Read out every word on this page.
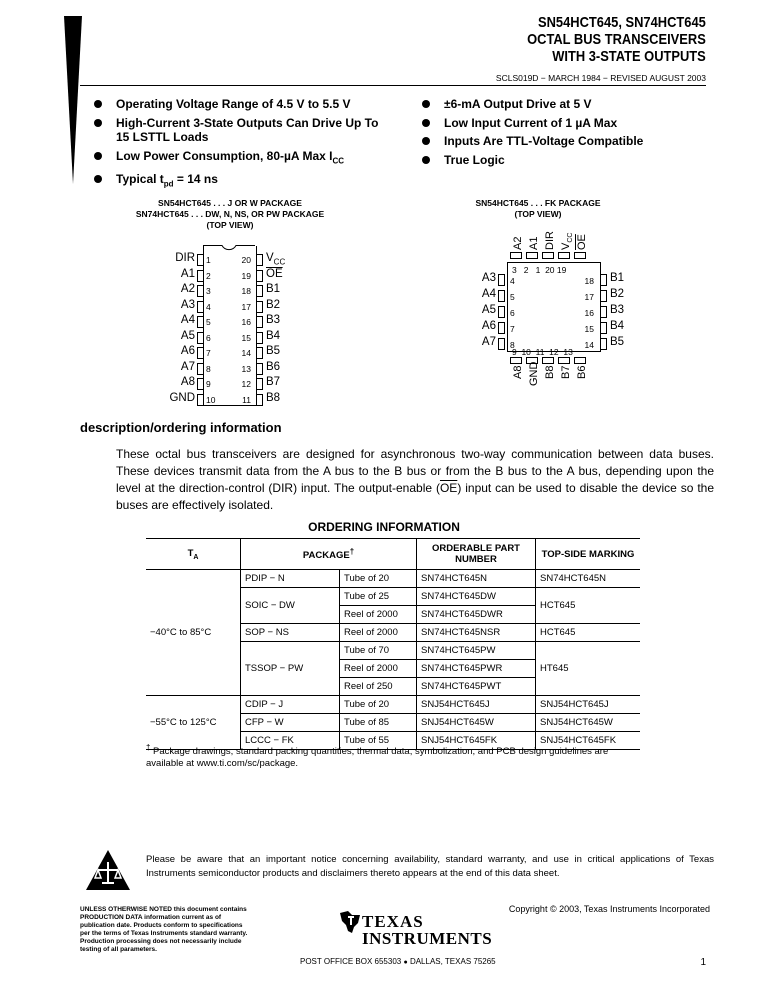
SN54HCT645, SN74HCT645
OCTAL BUS TRANSCEIVERS
WITH 3-STATE OUTPUTS
SCLS019D − MARCH 1984 − REVISED AUGUST 2003
Operating Voltage Range of 4.5 V to 5.5 V
High-Current 3-State Outputs Can Drive Up To 15 LSTTL Loads
Low Power Consumption, 80-µA Max $I_{CC}$
Typical $t_{pd} = 14$ ns
±6-mA Output Drive at 5 V
Low Input Current of 1 µA Max
Inputs Are TTL-Voltage Compatible
True Logic
SN54HCT645 . . . J OR W PACKAGE
SN74HCT645 . . . DW, N, NS, OR PW PACKAGE
(TOP VIEW)
SN54HCT645 . . . FK PACKAGE
(TOP VIEW)
description/ordering information
These octal bus transceivers are designed for asynchronous two-way communication between data buses. These devices transmit data from the A bus to the B bus or from the B bus to the A bus, depending upon the level at the direction-control (DIR) input. The output-enable $(\overline{OE})$ input can be used to disable the device so the buses are effectively isolated.
ORDERING INFORMATION
$T_A$	PACKAGE†		ORDERABLE PART NUMBER	TOP-SIDE MARKING
−40°C to 85°C	PDIP − N	Tube of 20	SN74HCT645N	SN74HCT645N
	SOIC − DW	Tube of 25	SN74HCT645DW	HCT645
		Reel of 2000	SN74HCT645DWR	
	SOP − NS	Reel of 2000	SN74HCT645NSR	HCT645
	TSSOP − PW	Tube of 70	SN74HCT645PW	HT645
		Reel of 2000	SN74HCT645PWR	
		Reel of 250	SN74HCT645PWT	
−55°C to 125°C	CDIP − J	Tube of 20	SNJ54HCT645J	SNJ54HCT645J
	CFP − W	Tube of 85	SNJ54HCT645W	SNJ54HCT645W
	LCCC − FK	Tube of 55	SNJ54HCT645FK	SNJ54HCT645FK
† Package drawings, standard packing quantities, thermal data, symbolization, and PCB design guidelines are available at www.ti.com/sc/package.
Please be aware that an important notice concerning availability, standard warranty, and use in critical applications of Texas Instruments semiconductor products and disclaimers thereto appears at the end of this data sheet.
UNLESS OTHERWISE NOTED this document contains PRODUCTION DATA information current as of publication date. Products conform to specifications per the terms of Texas Instruments standard warranty. Production processing does not necessarily include testing of all parameters.
Copyright © 2003, Texas Instruments Incorporated
TEXAS
INSTRUMENTS
POST OFFICE BOX 655303 ● DALLAS, TEXAS 75265	1
DIR 1
A1 2
A2 3
A3 4
A4 5
A5 6
A6 7
A7 8
A8 9
GND 10
20 $V_{CC}$
19 $\overline{OE}$
18 B1
17 B2
16 B3
15 B4
14 B5
13 B6
12 B7
11 B8
A2 A1 DIR $V_{CC}$ $\overline{OE}$
3   2   1  20 19
A3 4
A4 5
A5 6
A6 7
A7 8
18 B1
17 B2
16 B3
15 B4
14 B5
9  10  11  12  13
A8 GND B8 B7 B6
